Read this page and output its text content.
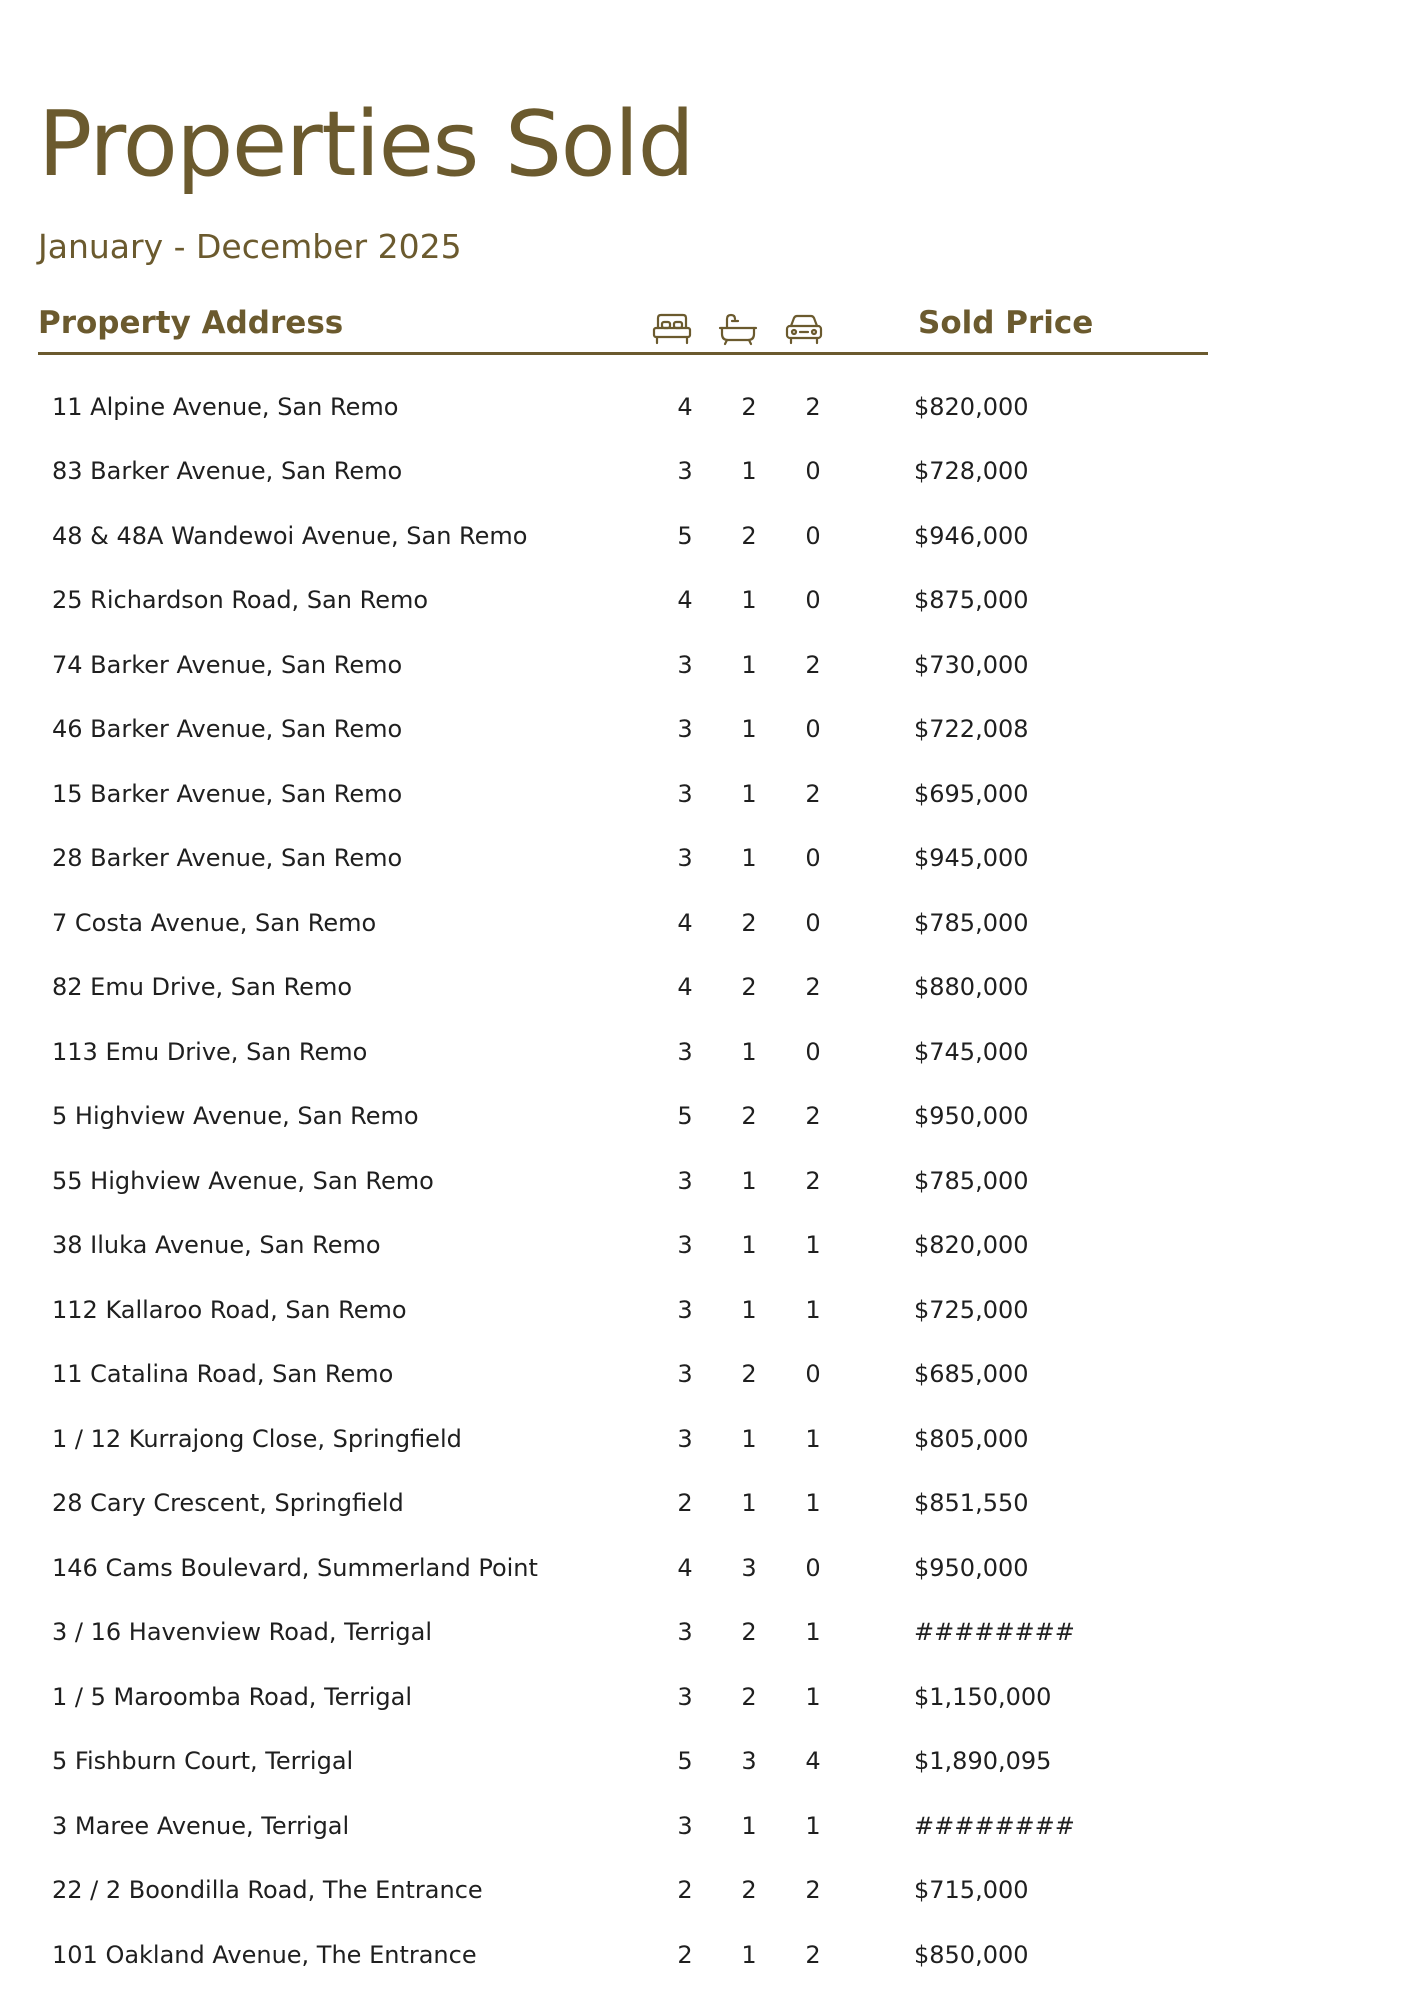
Properties Sold
January - December 2025
Property Address	Sold Price
11 Alpine Avenue, San Remo	4	2	2	$820,000
83 Barker Avenue, San Remo	3	1	0	$728,000
48 & 48A Wandewoi Avenue, San Remo	5	2	0	$946,000
25 Richardson Road, San Remo	4	1	0	$875,000
74 Barker Avenue, San Remo	3	1	2	$730,000
46 Barker Avenue, San Remo	3	1	0	$722,008
15 Barker Avenue, San Remo	3	1	2	$695,000
28 Barker Avenue, San Remo	3	1	0	$945,000
7 Costa Avenue, San Remo	4	2	0	$785,000
82 Emu Drive, San Remo	4	2	2	$880,000
113 Emu Drive, San Remo	3	1	0	$745,000
5 Highview Avenue, San Remo	5	2	2	$950,000
55 Highview Avenue, San Remo	3	1	2	$785,000
38 Iluka Avenue, San Remo	3	1	1	$820,000
112 Kallaroo Road, San Remo	3	1	1	$725,000
11 Catalina Road, San Remo	3	2	0	$685,000
1 / 12 Kurrajong Close, Springfield	3	1	1	$805,000
28 Cary Crescent, Springfield	2	1	1	$851,550
146 Cams Boulevard, Summerland Point	4	3	0	$950,000
3 / 16 Havenview Road, Terrigal	3	2	1	########
1 / 5 Maroomba Road, Terrigal	3	2	1	$1,150,000
5 Fishburn Court, Terrigal	5	3	4	$1,890,095
3 Maree Avenue, Terrigal	3	1	1	########
22 / 2 Boondilla Road, The Entrance	2	2	2	$715,000
101 Oakland Avenue, The Entrance	2	1	2	$850,000
